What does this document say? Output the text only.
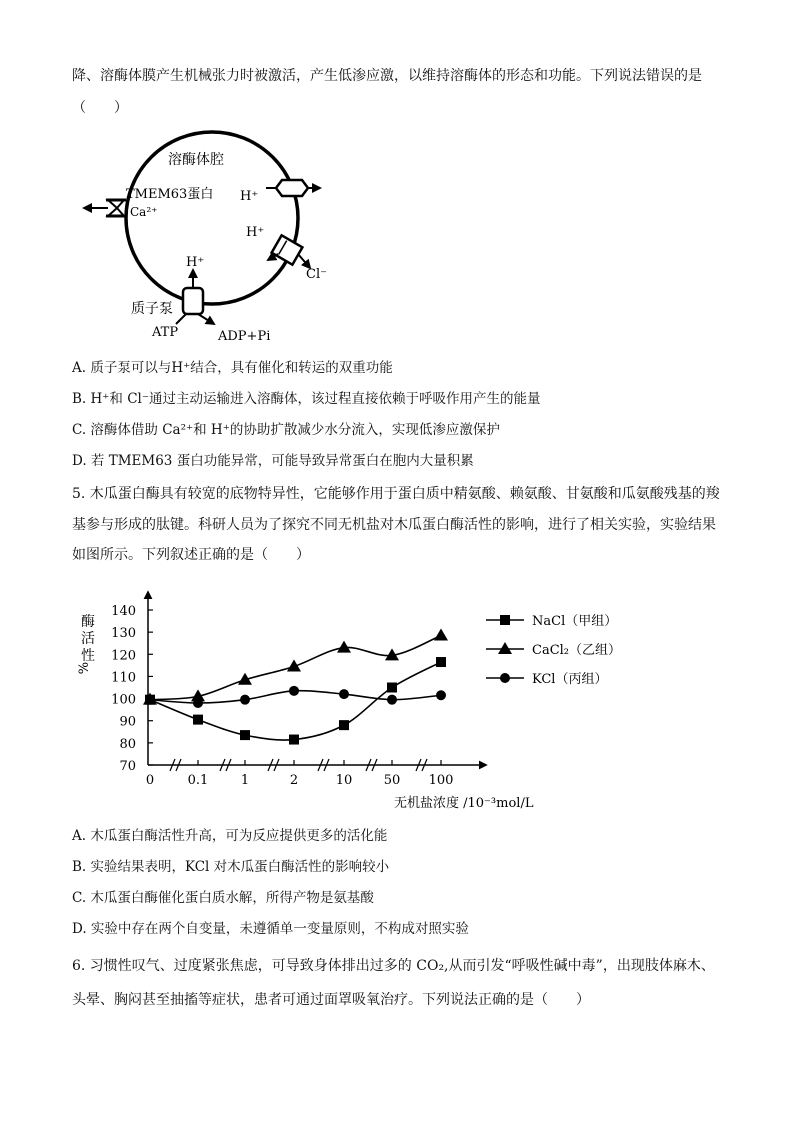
降、溶酶体膜产生机械张力时被激活，产生低渗应激，以维持溶酶体的形态和功能。下列说法错误的是
（　　）
溶酶体腔
TMEM63蛋白
Ca²⁺
H⁺
H⁺
Cl⁻
H⁺
质子泵
ATP	ADP+Pi
A. 质子泵可以与H⁺结合，具有催化和转运的双重功能
B. H⁺和 Cl⁻通过主动运输进入溶酶体，该过程直接依赖于呼吸作用产生的能量
C. 溶酶体借助 Ca²⁺和 H⁺的协助扩散减少水分流入，实现低渗应激保护
D. 若 TMEM63 蛋白功能异常，可能导致异常蛋白在胞内大量积累
5. 木瓜蛋白酶具有较宽的底物特异性，它能够作用于蛋白质中精氨酸、赖氨酸、甘氨酸和瓜氨酸残基的羧
基参与形成的肽键。科研人员为了探究不同无机盐对木瓜蛋白酶活性的影响，进行了相关实验，实验结果
如图所示。下列叙述正确的是（　　）
70
80
90
100
110
120
130
140
酶
活
性
%
0	0.1	1	2	10 50 100
无机盐浓度 /10⁻³mol/L
NaCl（甲组）
CaCl₂（乙组）
KCl（丙组）
A. 木瓜蛋白酶活性升高，可为反应提供更多的活化能
B. 实验结果表明，KCl 对木瓜蛋白酶活性的影响较小
C. 木瓜蛋白酶催化蛋白质水解，所得产物是氨基酸
D. 实验中存在两个自变量，未遵循单一变量原则，不构成对照实验
6. 习惯性叹气、过度紧张焦虑，可导致身体排出过多的 CO₂,从而引发“呼吸性碱中毒”，出现肢体麻木、
头晕、胸闷甚至抽搐等症状，患者可通过面罩吸氧治疗。下列说法正确的是（　　）
